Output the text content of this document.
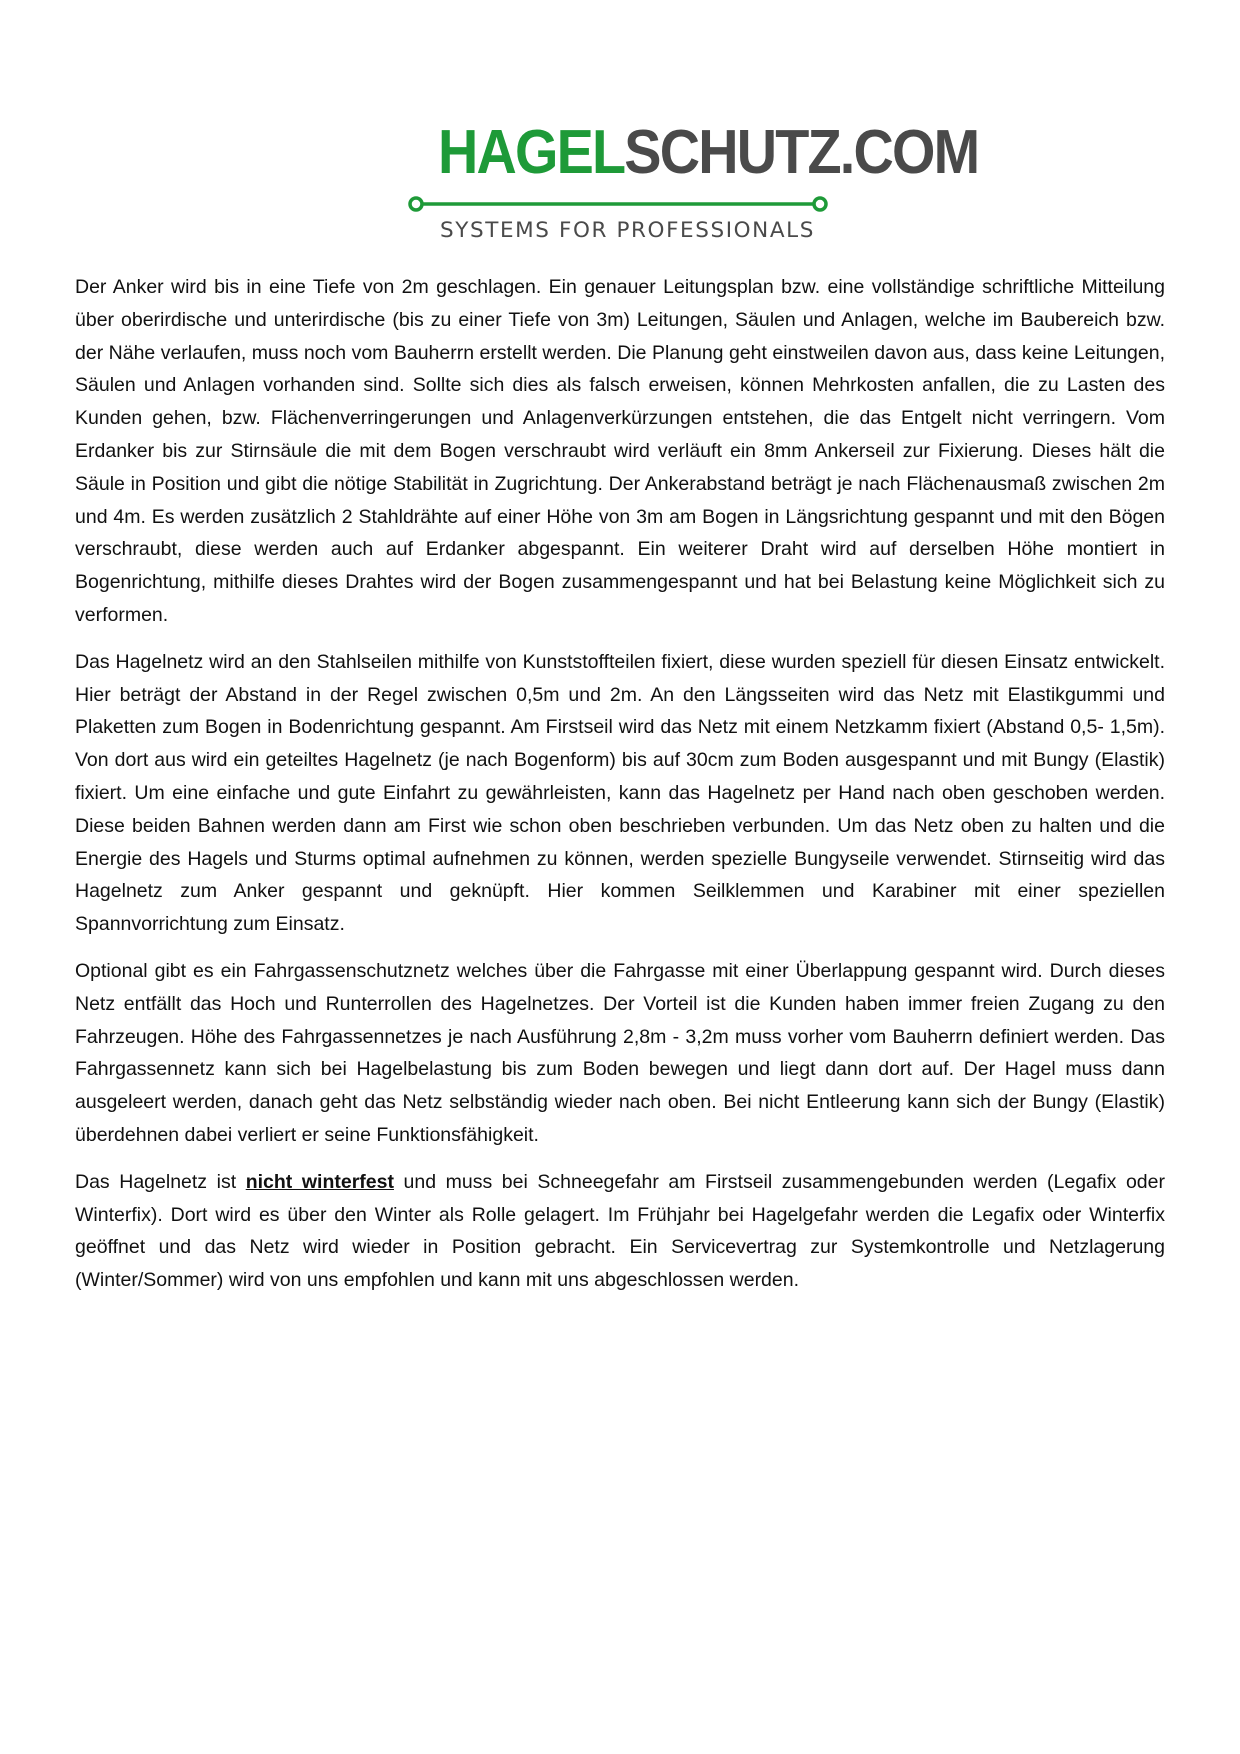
HAGELSCHUTZ.COM
SYSTEMS FOR PROFESSIONALS

Der Anker wird bis in eine Tiefe von 2m geschlagen. Ein genauer Leitungsplan bzw. eine vollständige schriftliche Mitteilung über oberirdische und unterirdische (bis zu einer Tiefe von 3m) Leitungen, Säulen und Anlagen, welche im Baubereich bzw. der Nähe verlaufen, muss noch vom Bauherrn erstellt werden. Die Planung geht einstweilen davon aus, dass keine Leitungen, Säulen und Anlagen vorhanden sind. Sollte sich dies als falsch erweisen, können Mehrkosten anfallen, die zu Lasten des Kunden gehen, bzw. Flächenverringerungen und Anlagenverkürzungen entstehen, die das Entgelt nicht verringern. Vom Erdanker bis zur Stirnsäule die mit dem Bogen verschraubt wird verläuft ein 8mm Ankerseil zur Fixierung. Dieses hält die Säule in Position und gibt die nötige Stabilität in Zugrichtung. Der Ankerabstand beträgt je nach Flächenausmaß zwischen 2m und 4m. Es werden zusätzlich 2 Stahldrähte auf einer Höhe von 3m am Bogen in Längsrichtung gespannt und mit den Bögen verschraubt, diese werden auch auf Erdanker abgespannt. Ein weiterer Draht wird auf derselben Höhe montiert in Bogenrichtung, mithilfe dieses Drahtes wird der Bogen zusammengespannt und hat bei Belastung keine Möglichkeit sich zu verformen.

Das Hagelnetz wird an den Stahlseilen mithilfe von Kunststoffteilen fixiert, diese wurden speziell für diesen Einsatz entwickelt. Hier beträgt der Abstand in der Regel zwischen 0,5m und 2m. An den Längsseiten wird das Netz mit Elastikgummi und Plaketten zum Bogen in Bodenrichtung gespannt. Am Firstseil wird das Netz mit einem Netzkamm fixiert (Abstand 0,5- 1,5m). Von dort aus wird ein geteiltes Hagelnetz (je nach Bogenform) bis auf 30cm zum Boden ausgespannt und mit Bungy (Elastik) fixiert. Um eine einfache und gute Einfahrt zu gewährleisten, kann das Hagelnetz per Hand nach oben geschoben werden. Diese beiden Bahnen werden dann am First wie schon oben beschrieben verbunden. Um das Netz oben zu halten und die Energie des Hagels und Sturms optimal aufnehmen zu können, werden spezielle Bungyseile verwendet. Stirnseitig wird das Hagelnetz zum Anker gespannt und geknüpft. Hier kommen Seilklemmen und Karabiner mit einer speziellen Spannvorrichtung zum Einsatz.

Optional gibt es ein Fahrgassenschutznetz welches über die Fahrgasse mit einer Überlappung gespannt wird. Durch dieses Netz entfällt das Hoch und Runterrollen des Hagelnetzes. Der Vorteil ist die Kunden haben immer freien Zugang zu den Fahrzeugen. Höhe des Fahrgassennetzes je nach Ausführung 2,8m - 3,2m muss vorher vom Bauherrn definiert werden. Das Fahrgassennetz kann sich bei Hagelbelastung bis zum Boden bewegen und liegt dann dort auf. Der Hagel muss dann ausgeleert werden, danach geht das Netz selbständig wieder nach oben. Bei nicht Entleerung kann sich der Bungy (Elastik) überdehnen dabei verliert er seine Funktionsfähigkeit.

Das Hagelnetz ist nicht winterfest und muss bei Schneegefahr am Firstseil zusammengebunden werden (Legafix oder Winterfix). Dort wird es über den Winter als Rolle gelagert. Im Frühjahr bei Hagelgefahr werden die Legafix oder Winterfix geöffnet und das Netz wird wieder in Position gebracht. Ein Servicevertrag zur Systemkontrolle und Netzlagerung (Winter/Sommer) wird von uns empfohlen und kann mit uns abgeschlossen werden.
